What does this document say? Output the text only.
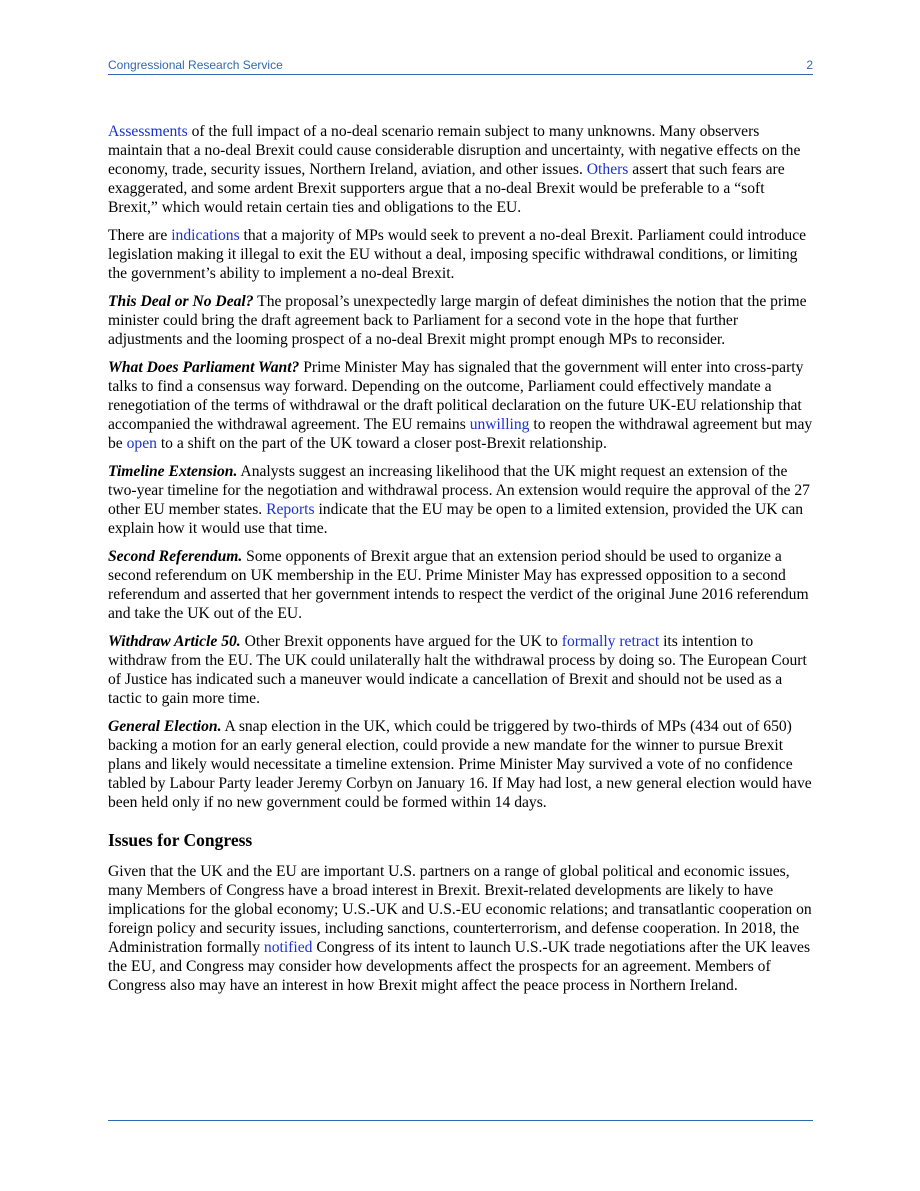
Congressional Research Service	2

Assessments of the full impact of a no-deal scenario remain subject to many unknowns. Many observers maintain that a no-deal Brexit could cause considerable disruption and uncertainty, with negative effects on the economy, trade, security issues, Northern Ireland, aviation, and other issues. Others assert that such fears are exaggerated, and some ardent Brexit supporters argue that a no-deal Brexit would be preferable to a “soft Brexit,” which would retain certain ties and obligations to the EU.

There are indications that a majority of MPs would seek to prevent a no-deal Brexit. Parliament could introduce legislation making it illegal to exit the EU without a deal, imposing specific withdrawal conditions, or limiting the government’s ability to implement a no-deal Brexit.

This Deal or No Deal? The proposal’s unexpectedly large margin of defeat diminishes the notion that the prime minister could bring the draft agreement back to Parliament for a second vote in the hope that further adjustments and the looming prospect of a no-deal Brexit might prompt enough MPs to reconsider.

What Does Parliament Want? Prime Minister May has signaled that the government will enter into cross-party talks to find a consensus way forward. Depending on the outcome, Parliament could effectively mandate a renegotiation of the terms of withdrawal or the draft political declaration on the future UK-EU relationship that accompanied the withdrawal agreement. The EU remains unwilling to reopen the withdrawal agreement but may be open to a shift on the part of the UK toward a closer post-Brexit relationship.

Timeline Extension. Analysts suggest an increasing likelihood that the UK might request an extension of the two-year timeline for the negotiation and withdrawal process. An extension would require the approval of the 27 other EU member states. Reports indicate that the EU may be open to a limited extension, provided the UK can explain how it would use that time.

Second Referendum. Some opponents of Brexit argue that an extension period should be used to organize a second referendum on UK membership in the EU. Prime Minister May has expressed opposition to a second referendum and asserted that her government intends to respect the verdict of the original June 2016 referendum and take the UK out of the EU.

Withdraw Article 50. Other Brexit opponents have argued for the UK to formally retract its intention to withdraw from the EU. The UK could unilaterally halt the withdrawal process by doing so. The European Court of Justice has indicated such a maneuver would indicate a cancellation of Brexit and should not be used as a tactic to gain more time.

General Election. A snap election in the UK, which could be triggered by two-thirds of MPs (434 out of 650) backing a motion for an early general election, could provide a new mandate for the winner to pursue Brexit plans and likely would necessitate a timeline extension. Prime Minister May survived a vote of no confidence tabled by Labour Party leader Jeremy Corbyn on January 16. If May had lost, a new general election would have been held only if no new government could be formed within 14 days.

Issues for Congress

Given that the UK and the EU are important U.S. partners on a range of global political and economic issues, many Members of Congress have a broad interest in Brexit. Brexit-related developments are likely to have implications for the global economy; U.S.-UK and U.S.-EU economic relations; and transatlantic cooperation on foreign policy and security issues, including sanctions, counterterrorism, and defense cooperation. In 2018, the Administration formally notified Congress of its intent to launch U.S.-UK trade negotiations after the UK leaves the EU, and Congress may consider how developments affect the prospects for an agreement. Members of Congress also may have an interest in how Brexit might affect the peace process in Northern Ireland.
